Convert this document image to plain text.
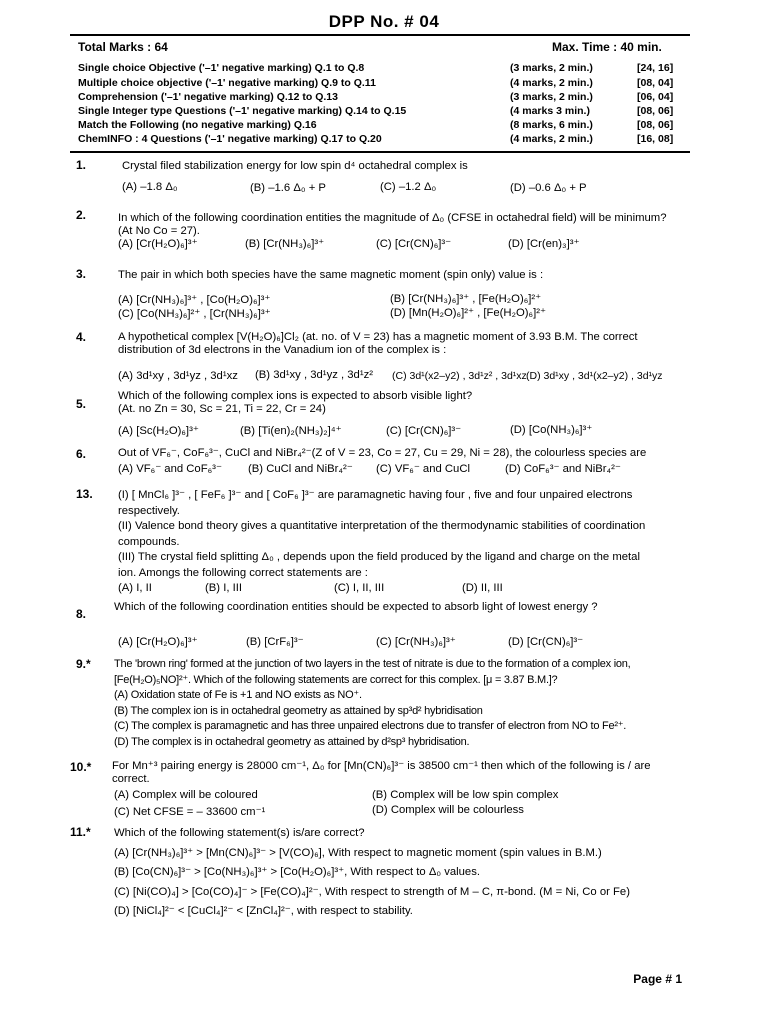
DPP No. # 04
Total Marks : 64	Max. Time : 40 min.
Single choice Objective ('–1' negative marking) Q.1 to Q.8	(3 marks, 2 min.)	[24, 16]
Multiple choice objective ('–1' negative marking) Q.9 to Q.11	(4 marks, 2 min.)	[08, 04]
Comprehension ('–1' negative marking) Q.12 to Q.13	(3 marks, 2 min.)	[06, 04]
Single Integer type Questions ('–1' negative marking) Q.14 to Q.15	(4 marks 3 min.)	[08, 06]
Match the Following (no negative marking) Q.16	(8 marks, 6 min.)	[08, 06]
ChemINFO : 4 Questions ('–1' negative marking) Q.17 to Q.20	(4 marks, 2 min.)	[16, 08]
1.	Crystal filed stabilization energy for low spin d⁴ octahedral complex is
(A) –1.8 Δ₀	(B) –1.6 Δ₀ + P	(C) –1.2 Δ₀	(D) –0.6 Δ₀ + P
2.	In which of the following coordination entities the magnitude of Δ₀ (CFSE in octahedral field) will be minimum?
(At No Co = 27).
(A) [Cr(H₂O)₆]³⁺	(B) [Cr(NH₃)₆]³⁺	(C) [Cr(CN)₆]³⁻	(D) [Cr(en)₃]³⁺
3.	The pair in which both species have the same magnetic moment (spin only) value is :
(A) [Cr(NH₃)₆]³⁺ , [Co(H₂O)₆]³⁺	(B) [Cr(NH₃)₆]³⁺ , [Fe(H₂O)₆]²⁺
(C) [Co(NH₃)₆]²⁺ , [Cr(NH₃)₆]³⁺	(D) [Mn(H₂O)₆]²⁺ , [Fe(H₂O)₆]²⁺
4.	A hypothetical complex [V(H₂O)₆]Cl₂ (at. no. of V = 23) has a magnetic moment of 3.93 B.M. The correct
distribution of 3d electrons in the Vanadium ion of the complex is :
(A) 3d¹xy , 3d¹yz , 3d¹xz (B) 3d¹xy , 3d¹yz , 3d¹z² (C) 3d¹(x2–y2) , 3d¹z² , 3d¹xz (D) 3d¹xy , 3d¹(x2–y2) , 3d¹yz
5.
Which of the following complex ions is expected to absorb visible light?
(At. no Zn = 30, Sc = 21, Ti = 22, Cr = 24)
(A) [Sc(H₂O)₆]³⁺	(B) [Ti(en)₂(NH₃)₂]⁴⁺	(C) [Cr(CN)₆]³⁻	(D) [Co(NH₃)₆]³⁺
6.	Out of VF₆⁻, CoF₆³⁻, CuCl and NiBr₄²⁻(Z of V = 23, Co = 27, Cu = 29, Ni = 28), the colourless species are
(A) VF₆⁻ and CoF₆³⁻ (B) CuCl and NiBr₄²⁻ (C) VF₆⁻ and CuCl	(D) CoF₆³⁻ and NiBr₄²⁻
13. (I) [ MnCl₆ ]³⁻ , [ FeF₆ ]³⁻ and [ CoF₆ ]³⁻ are paramagnetic having four , five and four unpaired electrons
respectively.
(II) Valence bond theory gives a quantitative interpretation of the thermodynamic stabilities of coordination
compounds.
(III) The crystal field splitting Δ₀ , depends upon the field produced by the ligand and charge on the metal
ion. Amongs the following correct statements are :
(A) I, II	(B) I, III	(C) I, II, III	(D) II, III
8. Which of the following coordination entities should be expected to absorb light of lowest energy ?
(A) [Cr(H₂O)₆]³⁺	(B) [CrF₆]³⁻	(C) [Cr(NH₃)₆]³⁺	(D) [Cr(CN)₆]³⁻
9.* The 'brown ring' formed at the junction of two layers in the test of nitrate is due to the formation of a complex ion,
[Fe(H₂O)₅NO]²⁺. Which of the following statements are correct for this complex. [μ = 3.87 B.M.]?
(A) Oxidation state of Fe is +1 and NO exists as NO⁺.
(B) The complex ion is in octahedral geometry as attained by sp³d² hybridisation
(C) The complex is paramagnetic and has three unpaired electrons due to transfer of electron from NO to Fe²⁺.
(D) The complex is in octahedral geometry as attained by d²sp³ hybridisation.
10.* For Mn⁺³ pairing energy is 28000 cm⁻¹, Δ₀ for [Mn(CN)₆]³⁻ is 38500 cm⁻¹ then which of the following is / are
correct.
(A) Complex will be coloured	(B) Complex will be low spin complex
(C) Net CFSE = – 33600 cm⁻¹	(D) Complex will be colourless
11.* Which of the following statement(s) is/are correct?
(A) [Cr(NH₃)₆]³⁺ > [Mn(CN)₆]³⁻ > [V(CO)₆], With respect to magnetic moment (spin values in B.M.)
(B) [Co(CN)₆]³⁻ > [Co(NH₃)₆]³⁺ > [Co(H₂O)₆]³⁺, With respect to Δ₀ values.
(C) [Ni(CO)₄] > [Co(CO)₄]⁻ > [Fe(CO)₄]²⁻, With respect to strength of M – C, π-bond. (M = Ni, Co or Fe)
(D) [NiCl₄]²⁻ < [CuCl₄]²⁻ < [ZnCl₄]²⁻, with respect to stability.
Page # 1
